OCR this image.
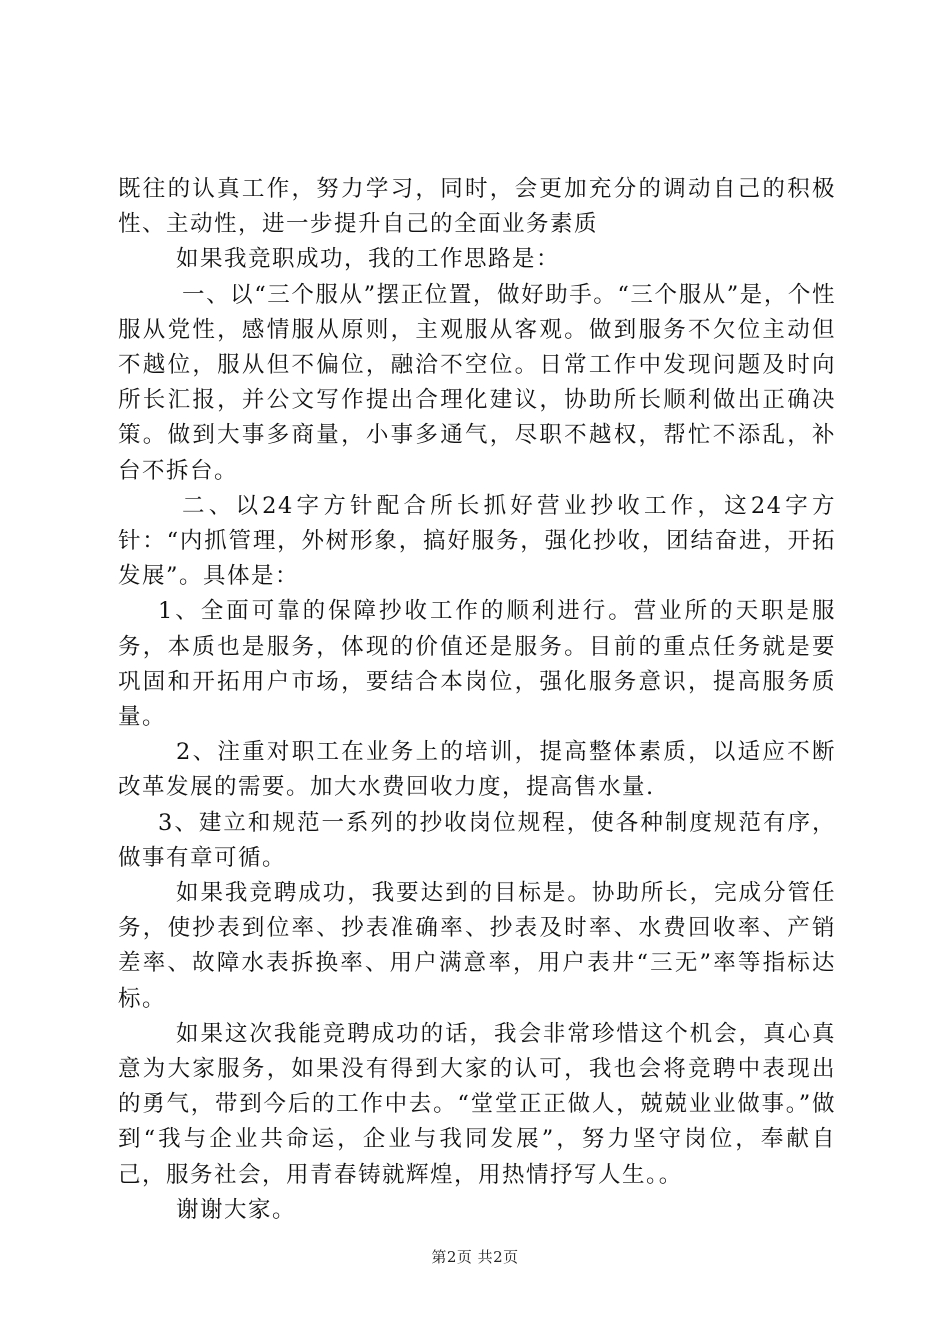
既往的认真工作，努力学习，同时，会更加充分的调动自己的积极性、主动性，进一步提升自己的全面业务素质

如果我竞职成功，我的工作思路是：

一、以“三个服从”摆正位置，做好助手。“三个服从”是，个性服从党性，感情服从原则，主观服从客观。做到服务不欠位主动但不越位，服从但不偏位，融洽不空位。日常工作中发现问题及时向所长汇报，并公文写作提出合理化建议，协助所长顺利做出正确决策。做到大事多商量，小事多通气，尽职不越权，帮忙不添乱，补台不拆台。

二、以24字方针配合所长抓好营业抄收工作，这24字方针：“内抓管理，外树形象，搞好服务，强化抄收，团结奋进，开拓发展”。具体是：

1、全面可靠的保障抄收工作的顺利进行。营业所的天职是服务，本质也是服务，体现的价值还是服务。目前的重点任务就是要巩固和开拓用户市场，要结合本岗位，强化服务意识，提高服务质量。

2、注重对职工在业务上的培训，提高整体素质，以适应不断改革发展的需要。加大水费回收力度，提高售水量.

3、建立和规范一系列的抄收岗位规程，使各种制度规范有序，做事有章可循。

如果我竞聘成功，我要达到的目标是。协助所长，完成分管任务，使抄表到位率、抄表准确率、抄表及时率、水费回收率、产销差率、故障水表拆换率、用户满意率，用户表井“三无”率等指标达标。

如果这次我能竞聘成功的话，我会非常珍惜这个机会，真心真意为大家服务，如果没有得到大家的认可，我也会将竞聘中表现出的勇气，带到今后的工作中去。“堂堂正正做人，兢兢业业做事。”做到“我与企业共命运，企业与我同发展”，努力坚守岗位，奉献自己，服务社会，用青春铸就辉煌，用热情抒写人生。。

谢谢大家。

第2页 共2页
